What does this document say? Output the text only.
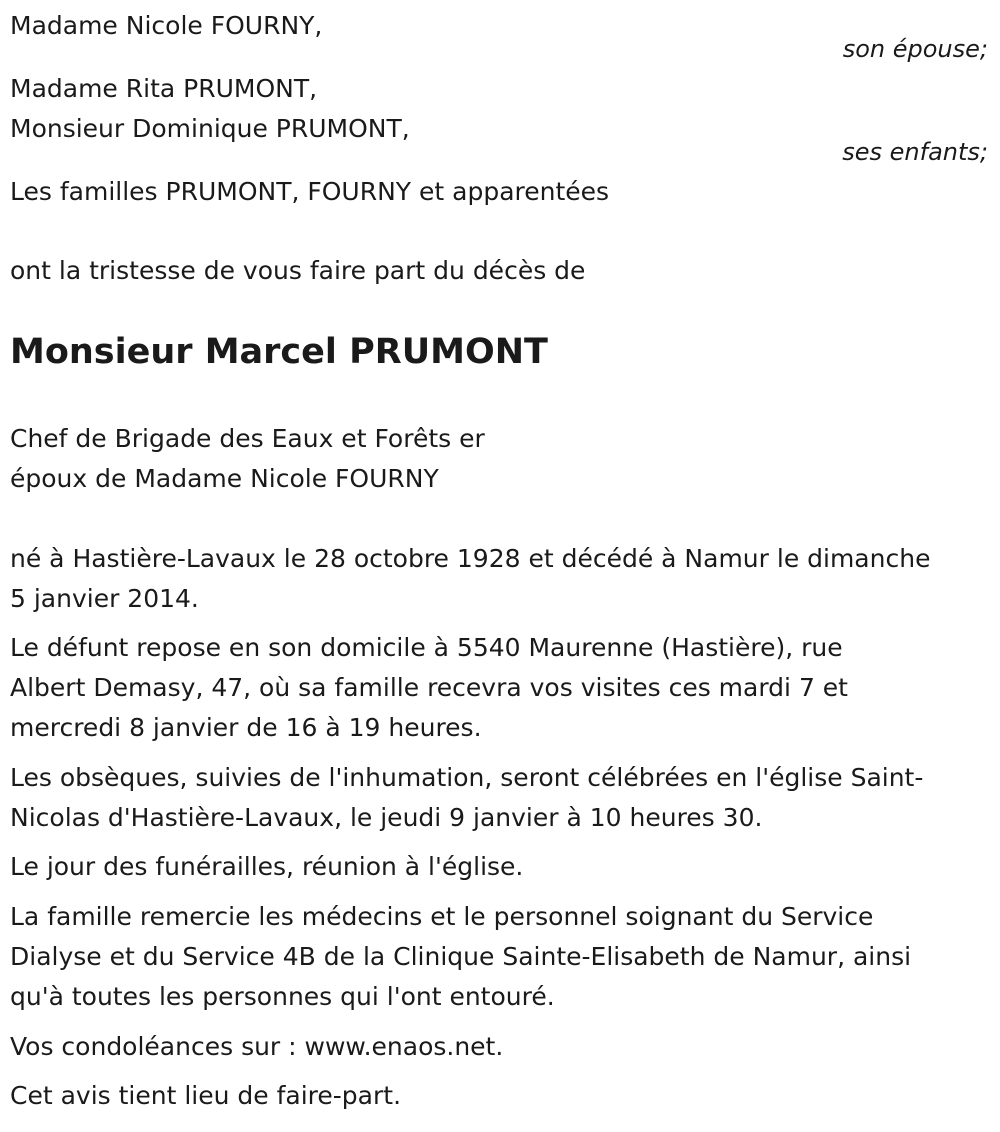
Madame Nicole FOURNY,
son épouse;
Madame Rita PRUMONT,
Monsieur Dominique PRUMONT,
ses enfants;
Les familles PRUMONT, FOURNY et apparentées
ont la tristesse de vous faire part du décès de
Monsieur Marcel PRUMONT
Chef de Brigade des Eaux et Forêts er
époux de Madame Nicole FOURNY
né à Hastière-Lavaux le 28 octobre 1928 et décédé à Namur le dimanche
5 janvier 2014.
Le défunt repose en son domicile à 5540 Maurenne (Hastière), rue
Albert Demasy, 47, où sa famille recevra vos visites ces mardi 7 et
mercredi 8 janvier de 16 à 19 heures.
Les obsèques, suivies de l'inhumation, seront célébrées en l'église Saint-
Nicolas d'Hastière-Lavaux, le jeudi 9 janvier à 10 heures 30.
Le jour des funérailles, réunion à l'église.
La famille remercie les médecins et le personnel soignant du Service
Dialyse et du Service 4B de la Clinique Sainte-Elisabeth de Namur, ainsi
qu'à toutes les personnes qui l'ont entouré.
Vos condoléances sur : www.enaos.net.
Cet avis tient lieu de faire-part.
